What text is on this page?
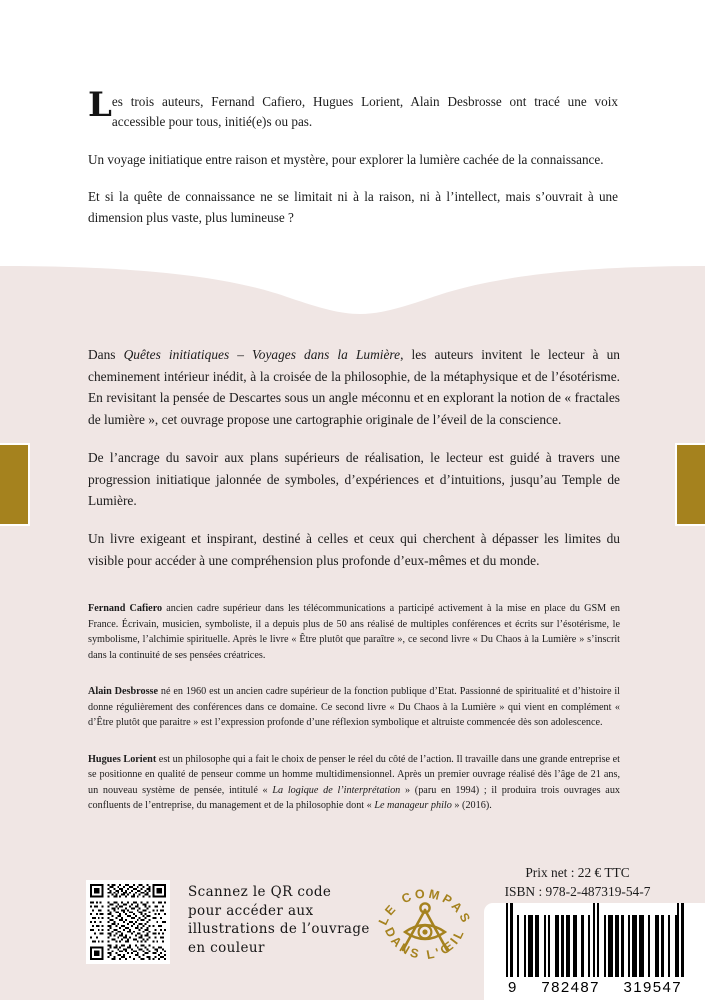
Les trois auteurs, Fernand Cafiero, Hugues Lorient, Alain Desbrosse ont tracé une voix accessible pour tous, initié(e)s ou pas.

Un voyage initiatique entre raison et mystère, pour explorer la lumière cachée de la connaissance.

Et si la quête de connaissance ne se limitait ni à la raison, ni à l’intellect, mais s’ouvrait à une dimension plus vaste, plus lumineuse ?

Dans Quêtes initiatiques – Voyages dans la Lumière, les auteurs invitent le lecteur à un cheminement intérieur inédit, à la croisée de la philosophie, de la métaphysique et de l’ésotérisme. En revisitant la pensée de Descartes sous un angle méconnu et en explorant la notion de « fractales de lumière », cet ouvrage propose une cartographie originale de l’éveil de la conscience.

De l’ancrage du savoir aux plans supérieurs de réalisation, le lecteur est guidé à travers une progression initiatique jalonnée de symboles, d’expériences et d’intuitions, jusqu’au Temple de Lumière.

Un livre exigeant et inspirant, destiné à celles et ceux qui cherchent à dépasser les limites du visible pour accéder à une compréhension plus profonde d’eux-mêmes et du monde.

Fernand Cafiero ancien cadre supérieur dans les télécommunications a participé activement à la mise en place du GSM en France. Écrivain, musicien, symboliste, il a depuis plus de 50 ans réalisé de multiples conférences et écrits sur l’ésotérisme, le symbolisme, l’alchimie spirituelle. Après le livre « Être plutôt que paraître », ce second livre « Du Chaos à la Lumière » s’inscrit dans la continuité de ses pensées créatrices.

Alain Desbrosse né en 1960 est un ancien cadre supérieur de la fonction publique d’Etat. Passionné de spiritualité et d’histoire il donne régulièrement des conférences dans ce domaine. Ce second livre « Du Chaos à la Lumière » qui vient en complément « d’Être plutôt que paraitre » est l’expression profonde d’une réflexion symbolique et altruiste commencée dès son adolescence.

Hugues Lorient est un philosophe qui a fait le choix de penser le réel du côté de l’action. Il travaille dans une grande entreprise et se positionne en qualité de penseur comme un homme multidimensionnel. Après un premier ouvrage réalisé dès l’âge de 21 ans, un nouveau système de pensée, intitulé « La logique de l’interprétation » (paru en 1994) ; il produira trois ouvrages aux confluents de l’entreprise, du management et de la philosophie dont « Le manageur philo » (2016).

Scannez le QR code
pour accéder aux
illustrations de l’ouvrage
en couleur
LE COMPAS
DANS L'ŒIL
Prix net : 22 € TTC
ISBN : 978-2-487319-54-7
9 782487 319547
